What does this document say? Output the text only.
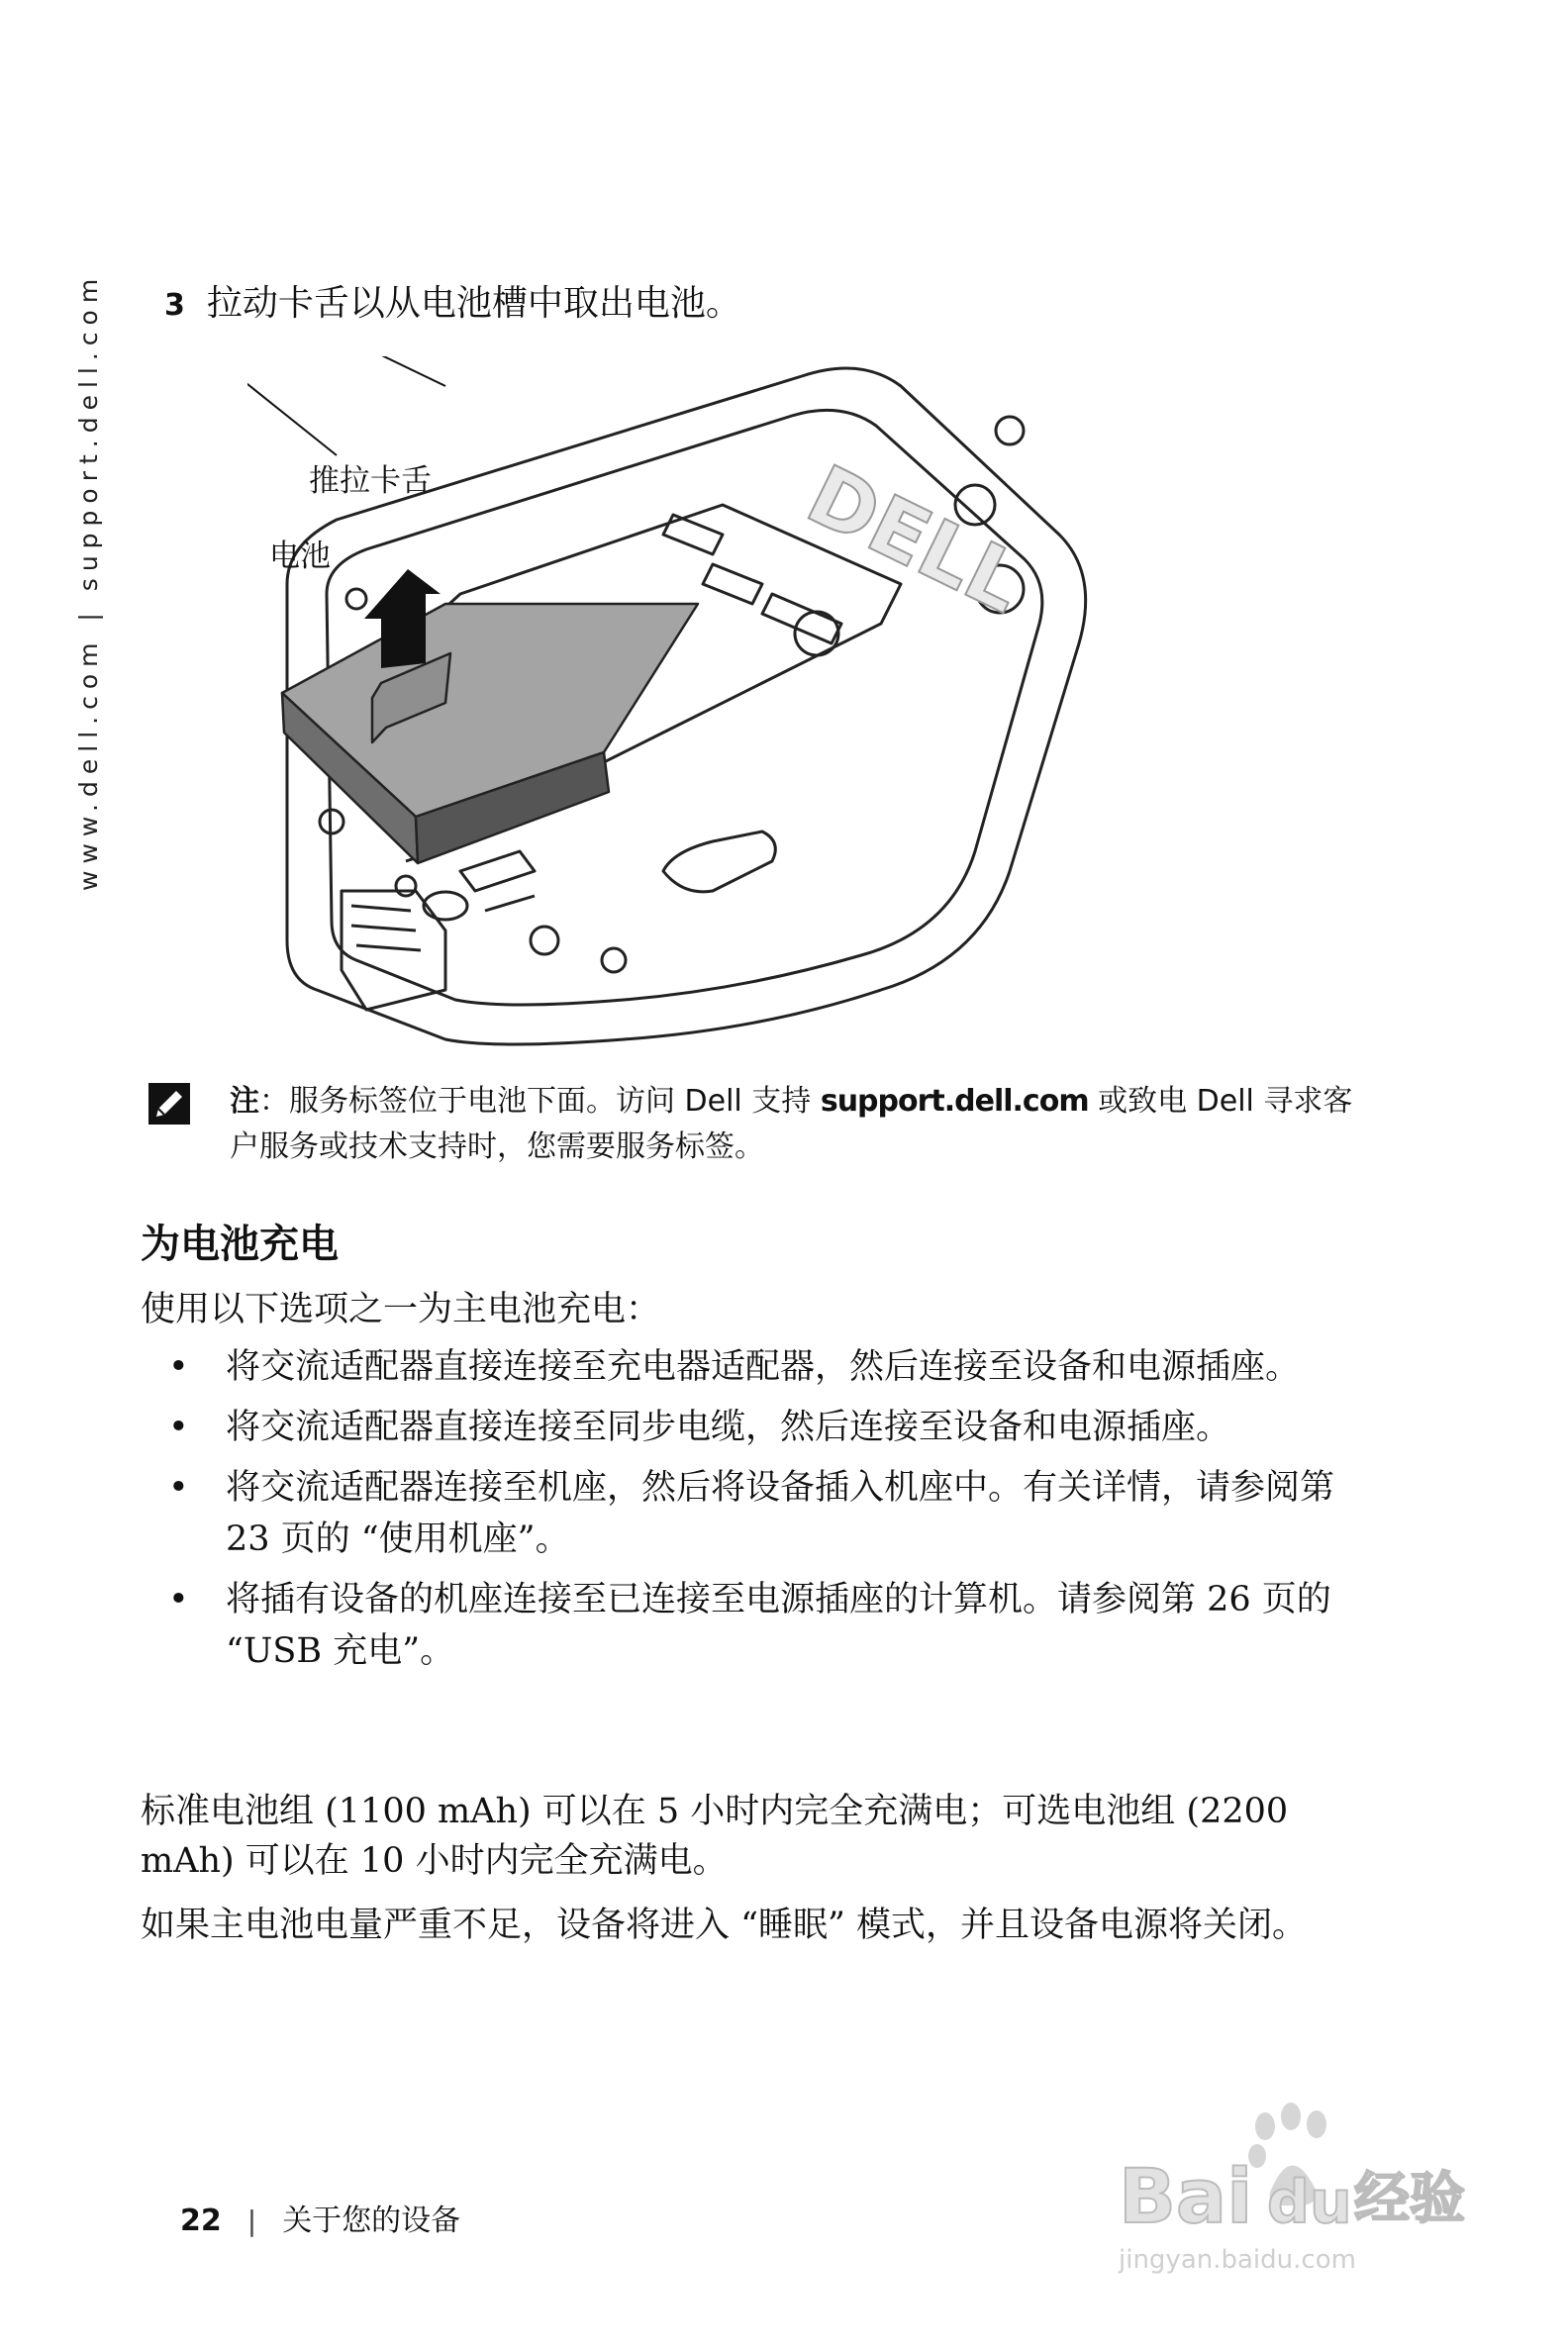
www.dell.com | support.dell.com	3 拉动卡舌以从电池槽中取出电池。
DELL
推拉卡舌
电池
注：服务标签位于电池下面。访问 Dell 支持 support.dell.com 或致电 Dell 寻求客户服务或技术支持时，您需要服务标签。
为电池充电
使用以下选项之一为主电池充电：
• 将交流适配器直接连接至充电器适配器，然后连接至设备和电源插座。
• 将交流适配器直接连接至同步电缆，然后连接至设备和电源插座。
• 将交流适配器连接至机座，然后将设备插入机座中。有关详情，请参阅第 23 页的 “使用机座”。
• 将插有设备的机座连接至已连接至电源插座的计算机。请参阅第 26 页的 “USB 充电”。
标准电池组 (1100 mAh) 可以在 5 小时内完全充满电；可选电池组 (2200 mAh) 可以在 10 小时内完全充满电。
如果主电池电量严重不足，设备将进入 “睡眠” 模式，并且设备电源将关闭。
22 | 关于您的设备	Bai du 经验
jingyan.baidu.com
